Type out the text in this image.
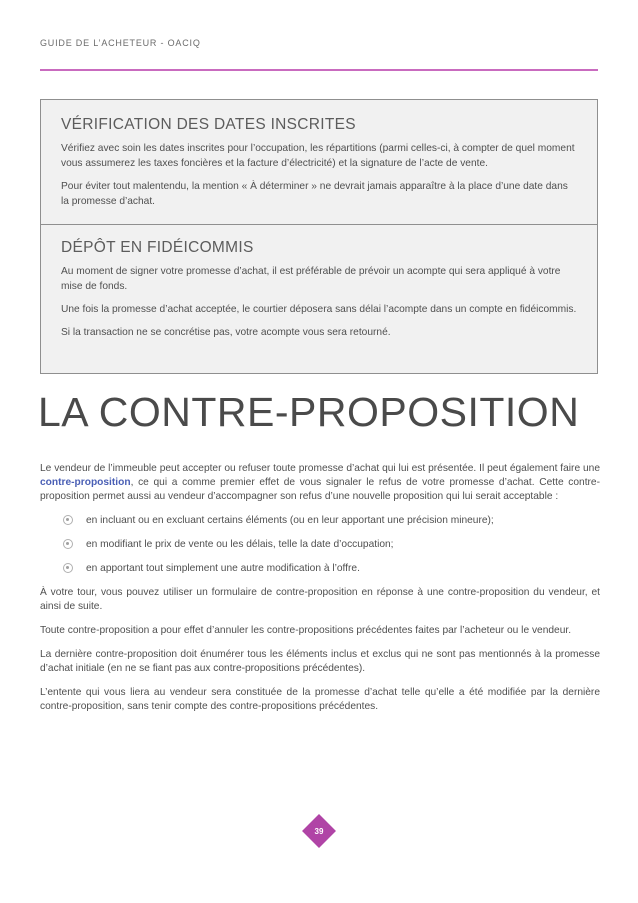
GUIDE DE L’ACHETEUR - OACIQ
VÉRIFICATION DES DATES INSCRITES

Vérifiez avec soin les dates inscrites pour l’occupation, les répartitions (parmi celles-ci, à compter de quel moment vous assumerez les taxes foncières et la facture d’électricité) et la signature de l’acte de vente.

Pour éviter tout malentendu, la mention « À déterminer » ne devrait jamais apparaître à la place d’une date dans la promesse d’achat.

DÉPÔT EN FIDÉICOMMIS

Au moment de signer votre promesse d’achat, il est préférable de prévoir un acompte qui sera appliqué à votre mise de fonds.

Une fois la promesse d’achat acceptée, le courtier déposera sans délai l’acompte dans un compte en fidéicommis.

Si la transaction ne se concrétise pas, votre acompte vous sera retourné.

LA CONTRE-PROPOSITION

Le vendeur de l’immeuble peut accepter ou refuser toute promesse d’achat qui lui est présentée. Il peut également faire une contre-proposition, ce qui a comme premier effet de vous signaler le refus de votre promesse d’achat. Cette contre-proposition permet aussi au vendeur d’accompagner son refus d’une nouvelle proposition qui lui serait acceptable :

en incluant ou en excluant certains éléments (ou en leur apportant une précision mineure);
en modifiant le prix de vente ou les délais, telle la date d’occupation;
en apportant tout simplement une autre modification à l’offre.

À votre tour, vous pouvez utiliser un formulaire de contre-proposition en réponse à une contre-proposition du vendeur, et ainsi de suite.

Toute contre-proposition a pour effet d’annuler les contre-propositions précédentes faites par l’acheteur ou le vendeur.

La dernière contre-proposition doit énumérer tous les éléments inclus et exclus qui ne sont pas mentionnés à la promesse d’achat initiale (en ne se fiant pas aux contre-propositions précédentes).

L’entente qui vous liera au vendeur sera constituée de la promesse d’achat telle qu’elle a été modifiée par la dernière contre-proposition, sans tenir compte des contre-propositions précédentes.

39
